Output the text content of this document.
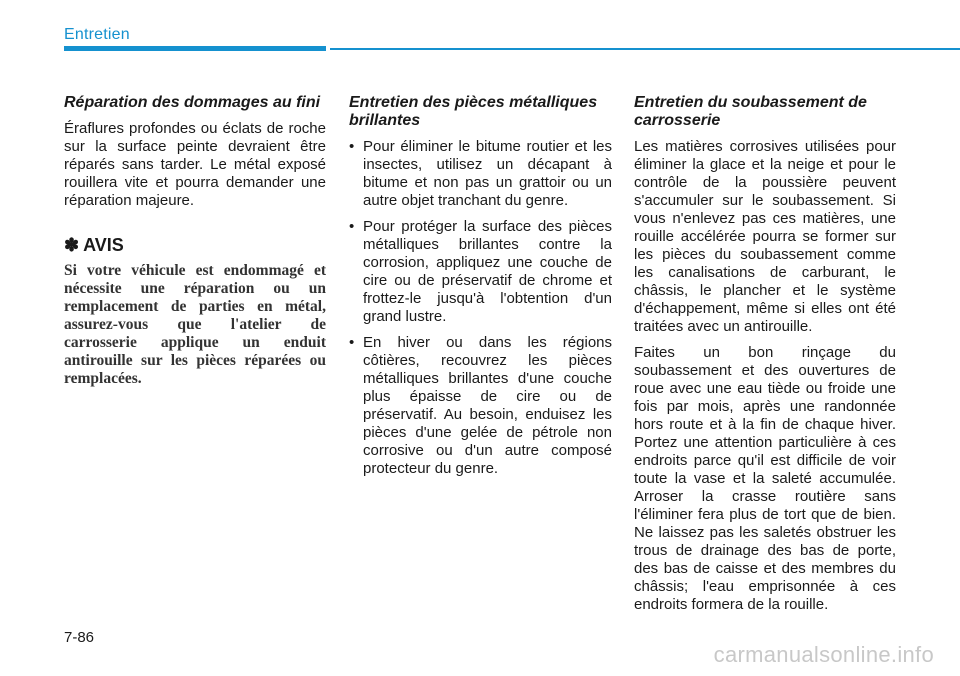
Entretien
Réparation des dommages au fini

Éraflures profondes ou éclats de roche sur la surface peinte devraient être réparés sans tarder. Le métal exposé rouillera vite et pourra demander une réparation majeure.

✽ AVIS

Si votre véhicule est endommagé et nécessite une réparation ou un remplacement de parties en métal, assurez-vous que l'atelier de carrosserie applique un enduit antirouille sur les pièces réparées ou remplacées.

Entretien des pièces métalliques brillantes
• Pour éliminer le bitume routier et les insectes, utilisez un décapant à bitume et non pas un grattoir ou un autre objet tranchant du genre.
• Pour protéger la surface des pièces métalliques brillantes contre la corrosion, appliquez une couche de cire ou de préservatif de chrome et frottez-le jusqu'à l'obtention d'un grand lustre.
• En hiver ou dans les régions côtières, recouvrez les pièces métalliques brillantes d'une couche plus épaisse de cire ou de préservatif. Au besoin, enduisez les pièces d'une gelée de pétrole non corrosive ou d'un autre composé protecteur du genre.
Entretien du soubassement de carrosserie

Les matières corrosives utilisées pour éliminer la glace et la neige et pour le contrôle de la poussière peuvent s'accumuler sur le soubassement. Si vous n'enlevez pas ces matières, une rouille accélérée pourra se former sur les pièces du soubassement comme les canalisations de carburant, le châssis, le plancher et le système d'échappement, même si elles ont été traitées avec un antirouille.

Faites un bon rinçage du soubassement et des ouvertures de roue avec une eau tiède ou froide une fois par mois, après une randonnée hors route et à la fin de chaque hiver. Portez une attention particulière à ces endroits parce qu'il est difficile de voir toute la vase et la saleté accumulée. Arroser la crasse routière sans l'éliminer fera plus de tort que de bien. Ne laissez pas les saletés obstruer les trous de drainage des bas de porte, des bas de caisse et des membres du châssis; l'eau emprisonnée à ces endroits formera de la rouille.

7-86
carmanualsonline.info
